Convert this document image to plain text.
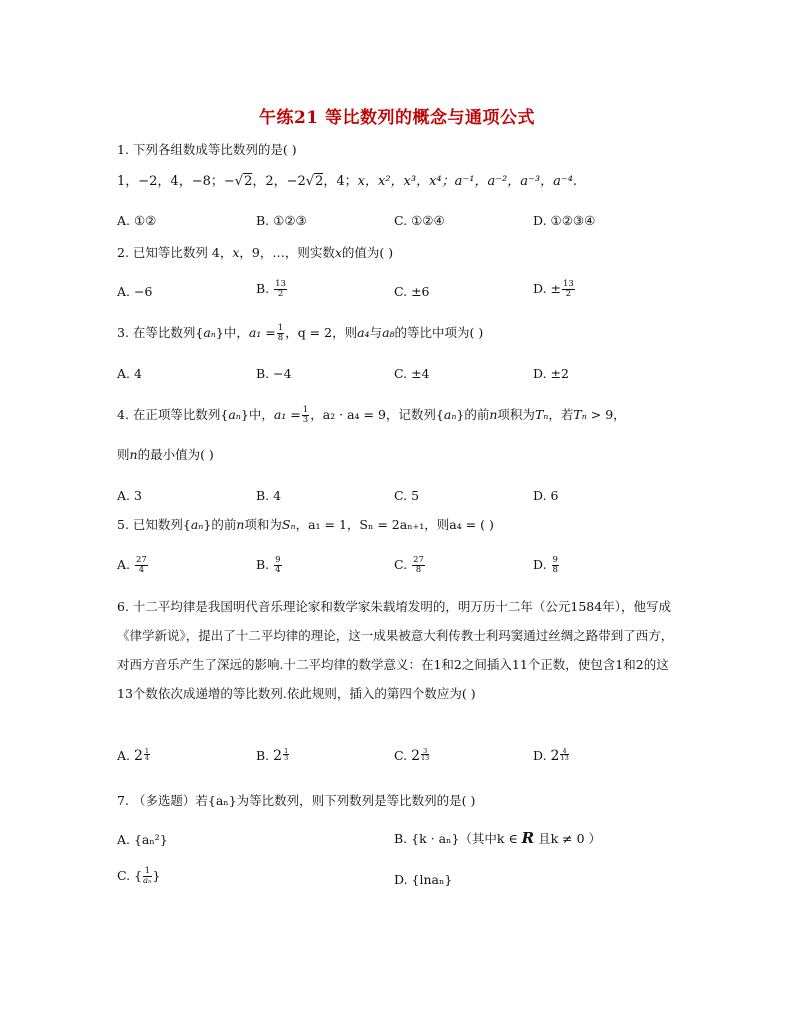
午练21 等比数列的概念与通项公式
1. 下列各组数成等比数列的是( )
1，−2，4，−8；−√2，2，−2√2，4；x，x²，x³，x⁴；a⁻¹，a⁻²，a⁻³，a⁻⁴.
A. ①②	B. ①②③	C. ①②④	D. ①②③④
2. 已知等比数列 4，x，9，…，则实数x的值为( )
A. −6	B. $\frac{13}{2}$	C. ±6	D. ± $\frac{13}{2}$
3. 在等比数列{aₙ}中，$a_1 = \frac{1}{8}$ ，q = 2，则a₄与a₈的等比中项为( )
A. 4	B. −4	C. ±4	D. ±2
4. 在正项等比数列{aₙ}中，$a_1 = \frac{1}{3}$ ，a₂ · a₄ = 9，记数列{aₙ}的前n项积为Tₙ，若Tₙ > 9，
则n的最小值为( )
A. 3	B. 4	C. 5	D. 6
5. 已知数列{aₙ}的前n项和为Sₙ，a₁ = 1，Sₙ = 2aₙ₊₁，则a₄ = ( )
A. $\frac{27}{4}$	B. $\frac{9}{4}$	C. $\frac{27}{8}$	D. $\frac{9}{8}$
6. 十二平均律是我国明代音乐理论家和数学家朱载堉发明的，明万历十二年（公元1584年），他写成《律学新说》，提出了十二平均律的理论，这一成果被意大利传教士利玛窦通过丝绸之路带到了西方，对西方音乐产生了深远的影响.十二平均律的数学意义：在1和2之间插入11个正数，使包含1和2的这13个数依次成递增的等比数列.依此规则，插入的第四个数应为( )
A. $2 \frac{1}{4}$	B. $2 \frac{1}{3}$	C. $2 \frac{3}{13}$	D. $2 \frac{4}{13}$
7. （多选题）若{aₙ}为等比数列，则下列数列是等比数列的是( )
A. {aₙ²}	B. {k · aₙ}（其中k ∈ R 且k ≠ 0 ）
C. { $\frac{1}{\text{aₙ}}$}	D. {lnaₙ}
